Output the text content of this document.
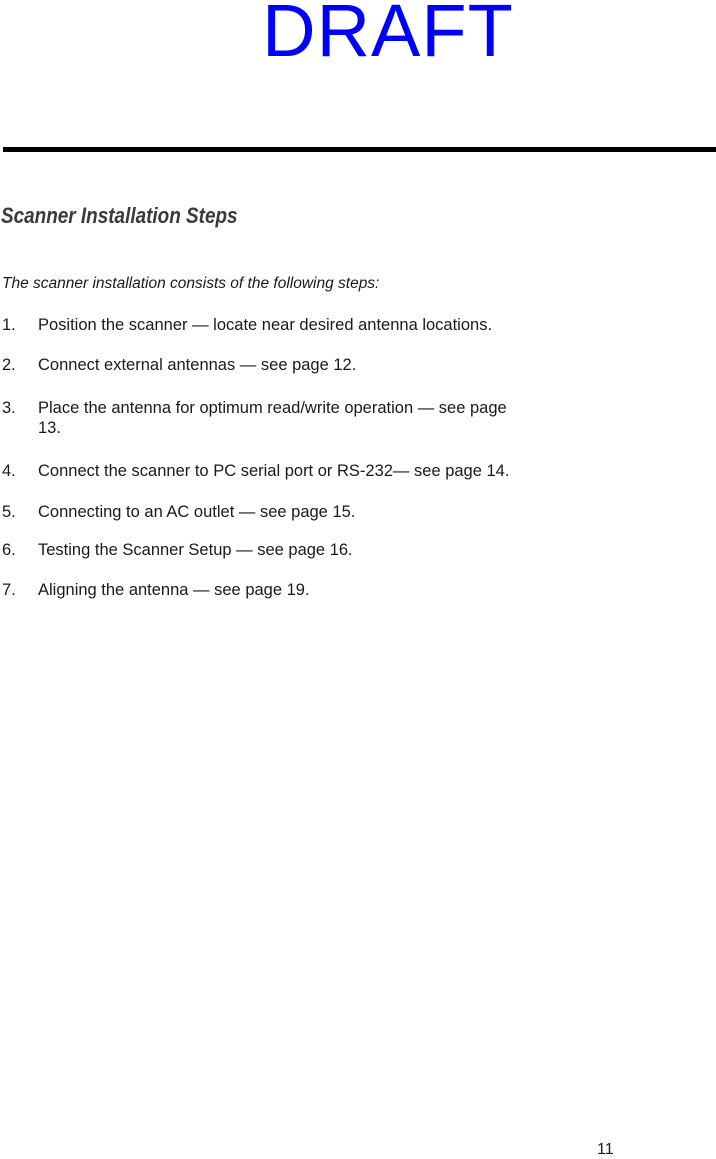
DRAFT
Scanner Installation Steps

The scanner installation consists of the following steps:

1.	Position the scanner — locate near desired antenna locations.
2.	Connect external antennas — see page 12.
3.	Place the antenna for optimum read/write operation — see page 13.
4.	Connect the scanner to PC serial port or RS-232— see page 14.
5.	Connecting to an AC outlet — see page 15.
6.	Testing the Scanner Setup — see page 16.
7.	Aligning the antenna — see page 19.
11
